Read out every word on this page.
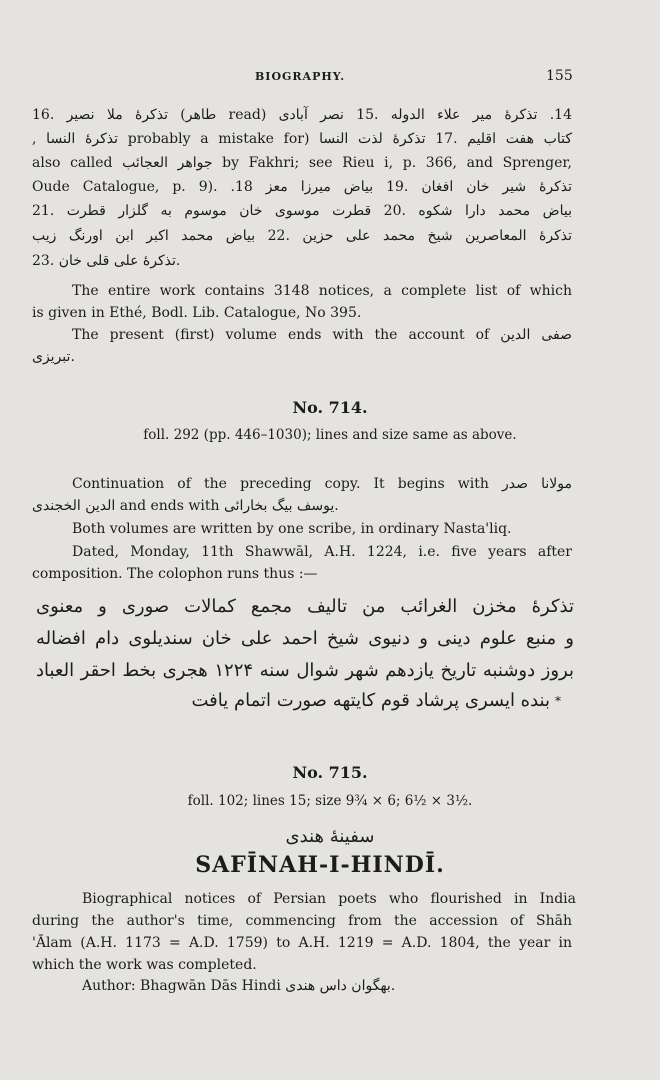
BIOGRAPHY.	155
14. تذکرۀ میر علاء الدوله .15 نصر آبادی (read طاهر) تذکرۀ ملا نصیر .16
کتاب هفت اقلیم .17 تذکرۀ لذت النسا (probably a mistake for تذکرۀ النسا ,
also called جواهر العجائب by Fakhri; see Rieu i, p. 366, and Sprenger,
Oude Catalogue, p. 9). .18 تذکرۀ شیر خان افغان .19 بیاض میرزا معز
بیاض محمد دارا شکوه .20 قطرت موسوی خان موسوم به گلزار قطرت .21
تذکرۀ المعاصرین شیخ محمد علی حزین .22 بیاض محمد اکبر ابن اورنگ زیب
23. تذکرۀ علی قلی خان.
The entire work contains 3148 notices, a complete list of which
is given in Ethé, Bodl. Lib. Catalogue, No 395.
The present (first) volume ends with the account of صفی الدین
تبریزی.
No. 714.
foll. 292 (pp. 446–1030); lines and size same as above.
Continuation of the preceding copy. It begins with مولانا صدر
الدین الخجندی and ends with یوسف بیگ بخارائی.
Both volumes are written by one scribe, in ordinary Nasta'liq.
Dated, Monday, 11th Shawwāl, A.H. 1224, i.e. five years after
composition. The colophon runs thus :—
تذکرۀ مخزن الغرائب من تالیف مجمع کمالات صوری و معنوی
و منبع علوم دینی و دنیوی شیخ احمد علی خان سندیلوی دام افضاله
بروز دوشنبه تاریخ یازدهم شهر شوال سنه ۱۲۲۴ هجری بخط احقر العباد
بنده ایسری پرشاد قوم کایتهه صورت اتمام یافت *
No. 715.
foll. 102; lines 15; size 9¾ × 6; 6½ × 3½.
سفینۀ هندی
SAFĪNAH-I-HINDĪ.
Biographical notices of Persian poets who flourished in India
during the author's time, commencing from the accession of Shāh
'Ālam (A.H. 1173 = A.D. 1759) to A.H. 1219 = A.D. 1804, the year in
which the work was completed.
Author: Bhagwān Dās Hindi بهگوان داس هندی.
